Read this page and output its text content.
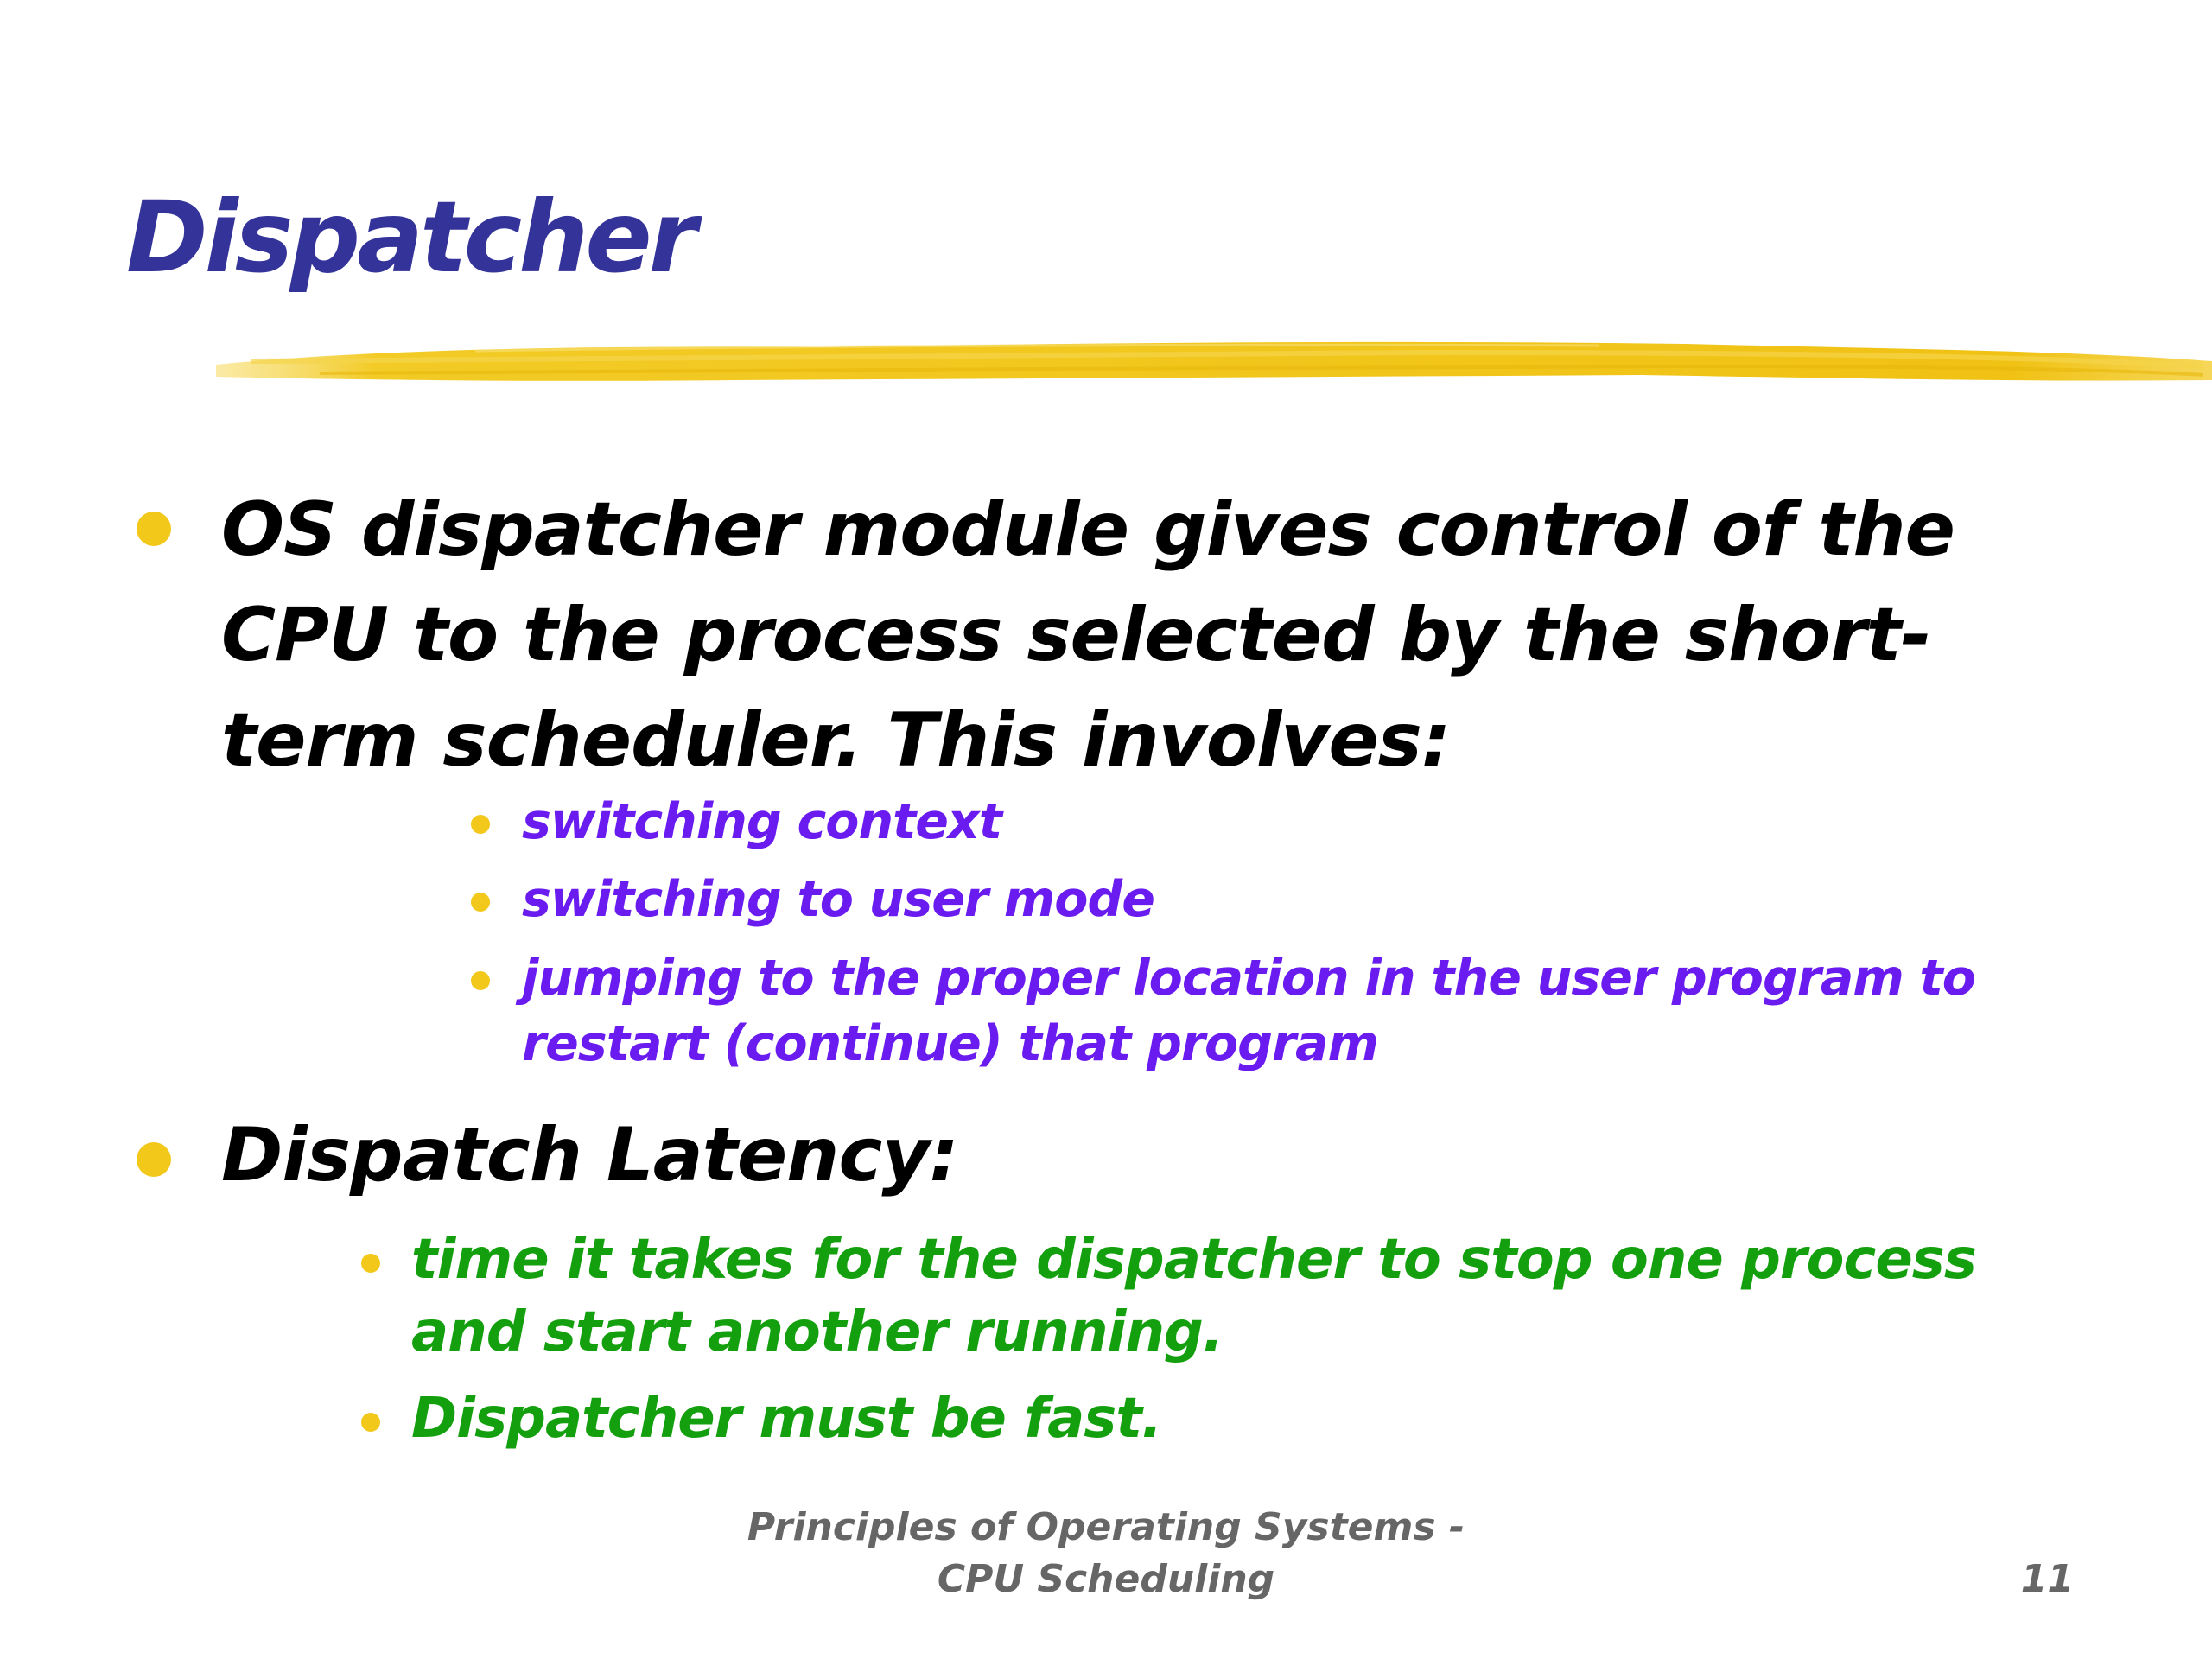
Dispatcher

OS dispatcher module gives control of the CPU to the process selected by the short-term scheduler. This involves:

switching context

switching to user mode

jumping to the proper location in the user program to restart (continue) that program

Dispatch Latency:

time it takes for the dispatcher to stop one process and start another running.

Dispatcher must be fast.

Principles of Operating Systems - CPU Scheduling	11
